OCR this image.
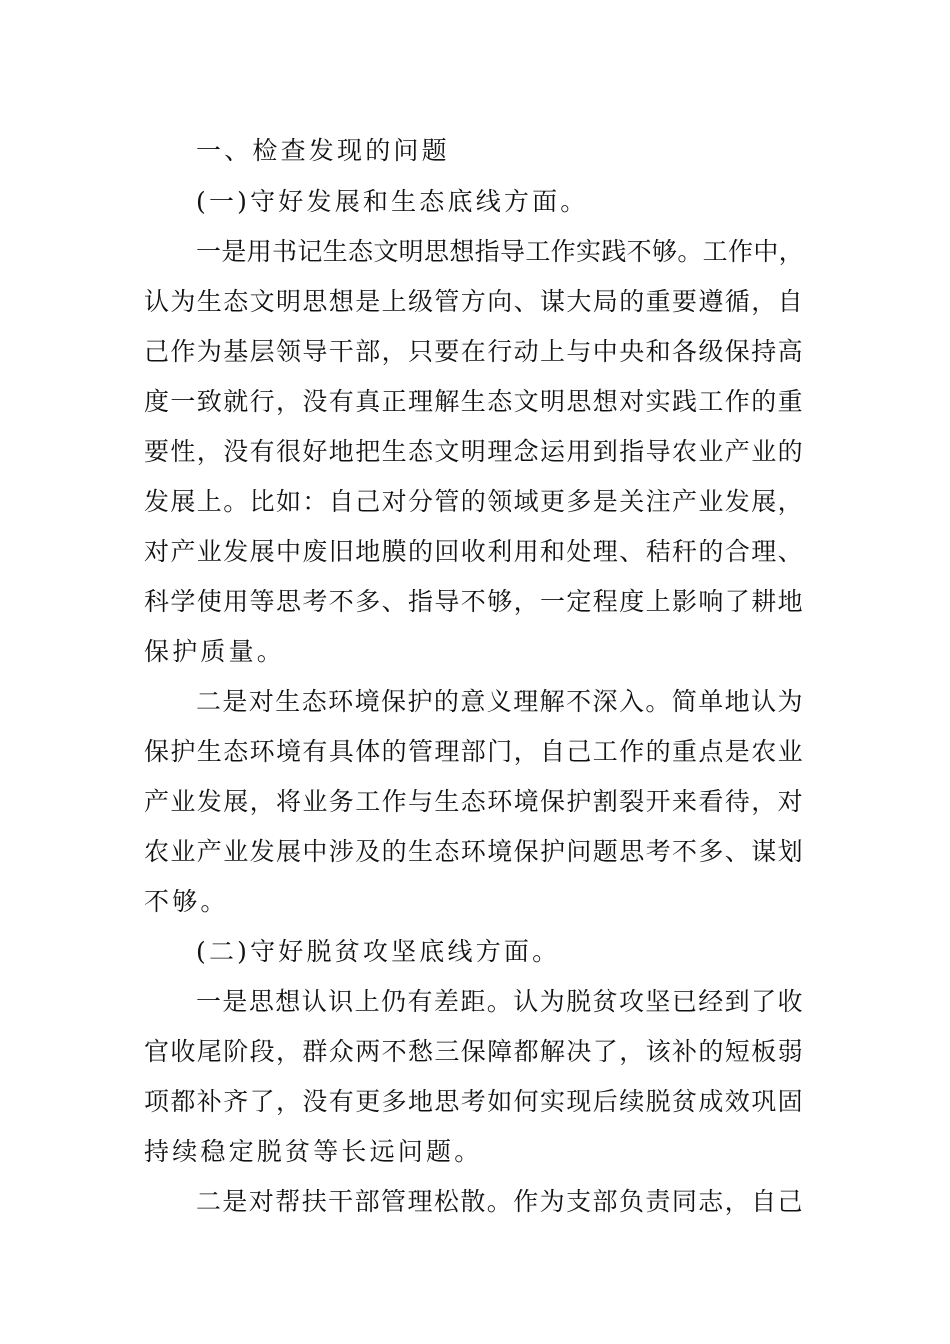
一、检查发现的问题

(一)守好发展和生态底线方面。

一是用书记生态文明思想指导工作实践不够。工作中，

认为生态文明思想是上级管方向、谋大局的重要遵循，自

己作为基层领导干部，只要在行动上与中央和各级保持高

度一致就行，没有真正理解生态文明思想对实践工作的重

要性，没有很好地把生态文明理念运用到指导农业产业的

发展上。比如：自己对分管的领域更多是关注产业发展，

对产业发展中废旧地膜的回收利用和处理、秸秆的合理、

科学使用等思考不多、指导不够，一定程度上影响了耕地

保护质量。

二是对生态环境保护的意义理解不深入。简单地认为

保护生态环境有具体的管理部门，自己工作的重点是农业

产业发展，将业务工作与生态环境保护割裂开来看待，对

农业产业发展中涉及的生态环境保护问题思考不多、谋划

不够。

(二)守好脱贫攻坚底线方面。

一是思想认识上仍有差距。认为脱贫攻坚已经到了收

官收尾阶段，群众两不愁三保障都解决了，该补的短板弱

项都补齐了，没有更多地思考如何实现后续脱贫成效巩固

持续稳定脱贫等长远问题。

二是对帮扶干部管理松散。作为支部负责同志，自己
